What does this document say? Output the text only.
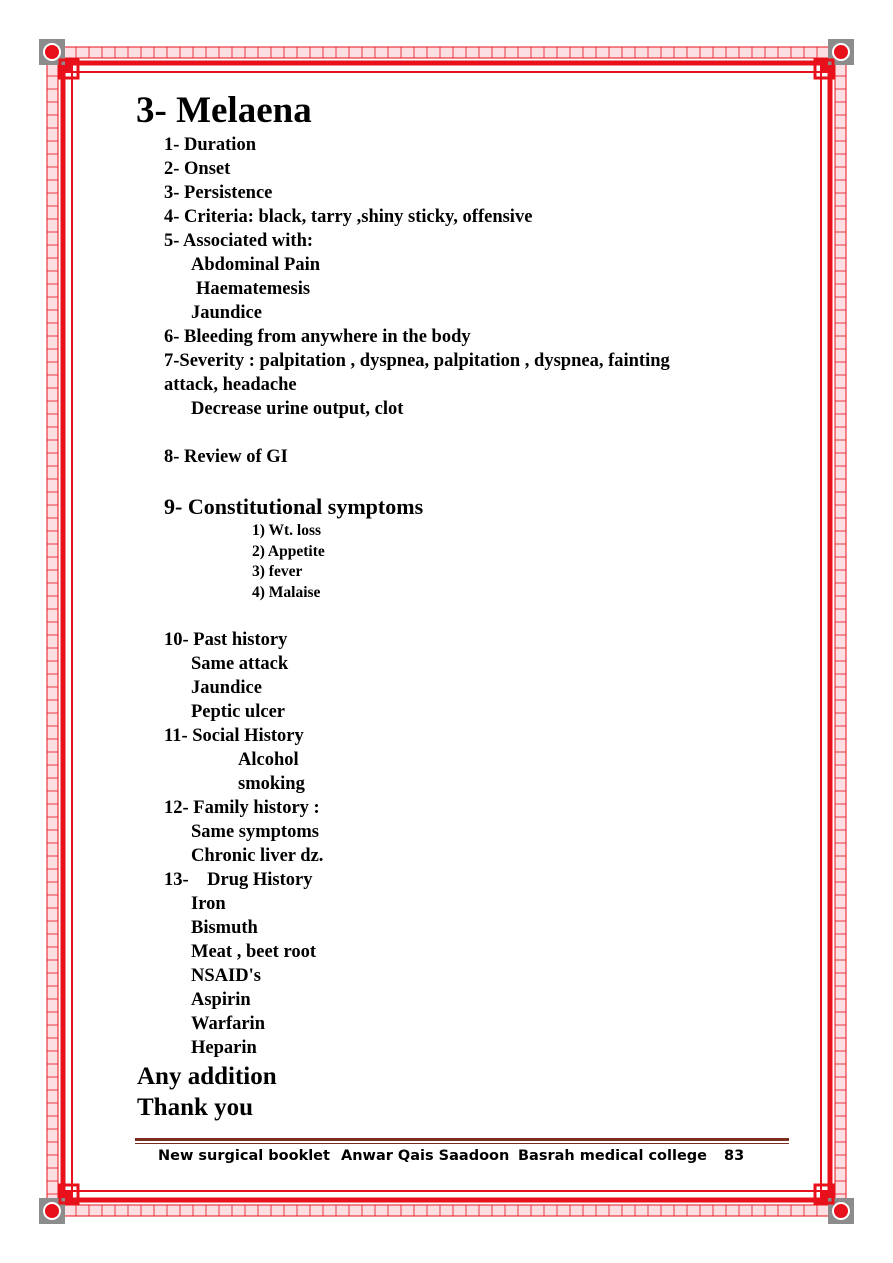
3- Melaena
1- Duration
2- Onset
3- Persistence
4- Criteria: black, tarry ,shiny sticky, offensive
5- Associated with:
Abdominal Pain
Haematemesis
Jaundice
6- Bleeding from anywhere in the body
7-Severity : palpitation , dyspnea, palpitation , dyspnea, fainting
attack, headache
Decrease urine output, clot
8- Review of GI
9- Constitutional symptoms
1) Wt. loss
2) Appetite
3) fever
4) Malaise
10- Past history
Same attack
Jaundice
Peptic ulcer
11- Social History
Alcohol
smoking
12- Family history :
Same symptoms
Chronic liver dz.
13-    Drug History
Iron
Bismuth
Meat , beet root
NSAID's
Aspirin
Warfarin
Heparin
Any addition
Thank you
New surgical booklet Anwar Qais Saadoon Basrah medical college 83
